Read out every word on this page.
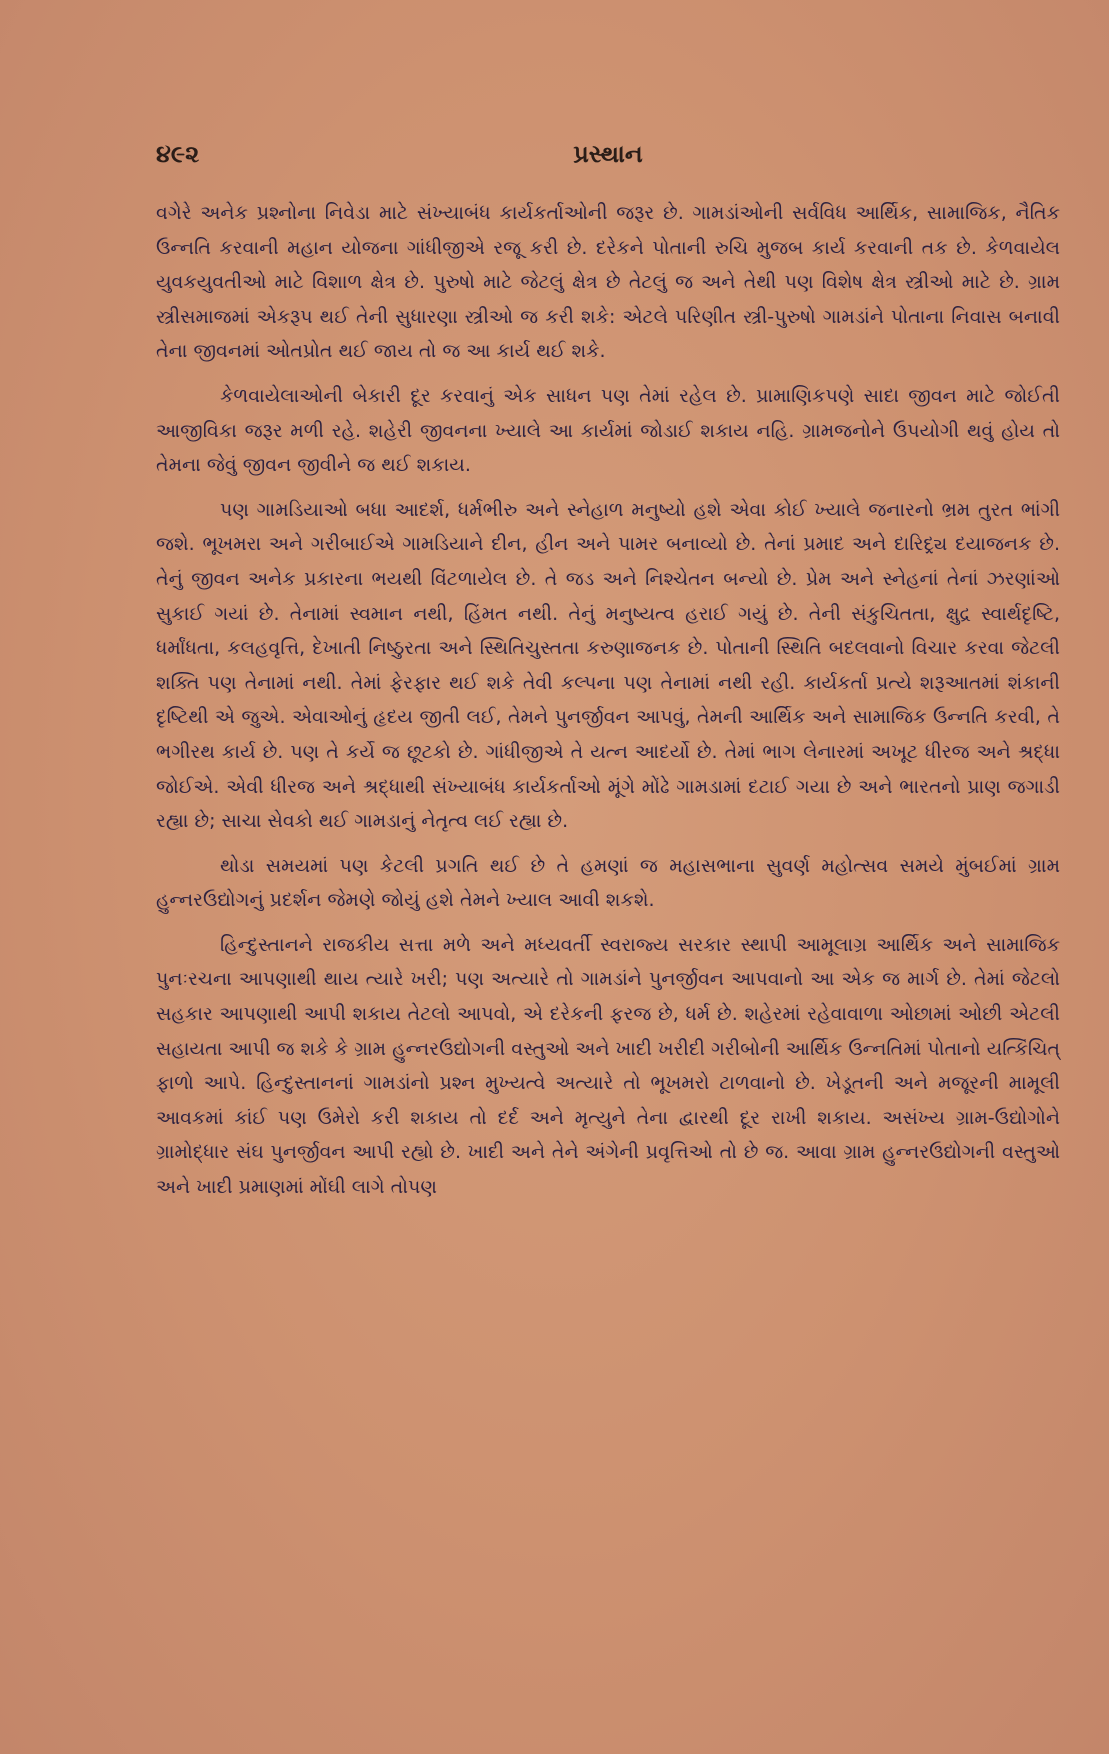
૪૯૨	પ્રસ્થાન

વગેરે અનેક પ્રશ્નોના નિવેડા માટે સંખ્યાબંધ કાર્યકર્તાઓની જરૂર છે. ગામડાંઓની સર્વવિધ આર્થિક, સામાજિક, નૈતિક ઉન્નતિ કરવાની મહાન યોજના ગાંધીજીએ રજૂ કરી છે. દરેકને પોતાની રુચિ મુજબ કાર્ય કરવાની તક છે. કેળવાયેલ યુવકયુવતીઓ માટે વિશાળ ક્ષેત્ર છે. પુરુષો માટે જેટલું ક્ષેત્ર છે તેટલું જ અને તેથી પણ વિશેષ ક્ષેત્ર સ્ત્રીઓ માટે છે. ગ્રામ સ્ત્રીસમાજમાં એકરૂપ થઈ તેની સુધારણા સ્ત્રીઓ જ કરી શકે: એટલે પરિણીત સ્ત્રી-પુરુષો ગામડાંને પોતાના નિવાસ બનાવી તેના જીવનમાં ઓતપ્રોત થઈ જાય તો જ આ કાર્ય થઈ શકે.

કેળવાયેલાઓની બેકારી દૂર કરવાનું એક સાધન પણ તેમાં રહેલ છે. પ્રામાણિકપણે સાદા જીવન માટે જોઈતી આજીવિકા જરૂર મળી રહે. શહેરી જીવનના ખ્યાલે આ કાર્યમાં જોડાઈ શકાય નહિ. ગ્રામજનોને ઉપયોગી થવું હોય તો તેમના જેવું જીવન જીવીને જ થઈ શકાય.

પણ ગામડિયાઓ બધા આદર્શ, ધર્મભીરુ અને સ્નેહાળ મનુષ્યો હશે એવા કોઈ ખ્યાલે જનારનો ભ્રમ તુરત ભાંગી જશે. ભૂખમરા અને ગરીબાઈએ ગામડિયાને દીન, હીન અને પામર બનાવ્યો છે. તેનાં પ્રમાદ અને દારિદ્ર્ય દયાજનક છે. તેનું જીવન અનેક પ્રકારના ભયથી વિંટળાયેલ છે. તે જડ અને નિશ્ચેતન બન્યો છે. પ્રેમ અને સ્નેહનાં તેનાં ઝરણાંઓ સુકાઈ ગયાં છે. તેનામાં સ્વમાન નથી, હિંમત નથી. તેનું મનુષ્યત્વ હરાઈ ગયું છે. તેની સંકુચિતતા, ક્ષુદ્ર સ્વાર્થદૃષ્ટિ, ધર્માંધતા, કલહવૃત્તિ, દેખાતી નિષ્ઠુરતા અને સ્થિતિચુસ્તતા કરુણાજનક છે. પોતાની સ્થિતિ બદલવાનો વિચાર કરવા જેટલી શક્તિ પણ તેનામાં નથી. તેમાં ફેરફાર થઈ શકે તેવી કલ્પના પણ તેનામાં નથી રહી. કાર્યકર્તા પ્રત્યે શરૂઆતમાં શંકાની દૃષ્ટિથી એ જુએ. એવાઓનું હૃદય જીતી લઈ, તેમને પુનર્જીવન આપવું, તેમની આર્થિક અને સામાજિક ઉન્નતિ કરવી, તે ભગીરથ કાર્ય છે. પણ તે કર્યે જ છૂટકો છે. ગાંધીજીએ તે યત્ન આદર્યો છે. તેમાં ભાગ લેનારમાં અખૂટ ધીરજ અને શ્રદ્ધા જોઈએ. એવી ધીરજ અને શ્રદ્ધાથી સંખ્યાબંધ કાર્યકર્તાઓ મૂંગે મોંઢે ગામડામાં દટાઈ ગયા છે અને ભારતનો પ્રાણ જગાડી રહ્યા છે; સાચા સેવકો થઈ ગામડાનું નેતૃત્વ લઈ રહ્યા છે.

થોડા સમયમાં પણ કેટલી પ્રગતિ થઈ છે તે હમણાં જ મહાસભાના સુવર્ણ મહોત્સવ સમયે મુંબઈમાં ગ્રામ હુન્નરઉદ્યોગનું પ્રદર્શન જેમણે જોયું હશે તેમને ખ્યાલ આવી શકશે.

હિન્દુસ્તાનને રાજકીય સત્તા મળે અને મધ્યવર્તી સ્વરાજ્ય સરકાર સ્થાપી આમૂલાગ્ર આર્થિક અને સામાજિક પુનઃરચના આપણાથી થાય ત્યારે ખરી; પણ અત્યારે તો ગામડાંને પુનર્જીવન આપવાનો આ એક જ માર્ગ છે. તેમાં જેટલો સહકાર આપણાથી આપી શકાય તેટલો આપવો, એ દરેકની ફરજ છે, ધર્મ છે. શહેરમાં રહેવાવાળા ઓછામાં ઓછી એટલી સહાયતા આપી જ શકે કે ગ્રામ હુન્નરઉદ્યોગની વસ્તુઓ અને ખાદી ખરીદી ગરીબોની આર્થિક ઉન્નતિમાં પોતાનો યત્કિંચિત્ ફાળો આપે. હિન્દુસ્તાનનાં ગામડાંનો પ્રશ્ન મુખ્યત્વે અત્યારે તો ભૂખમરો ટાળવાનો છે. ખેડૂતની અને મજૂરની મામૂલી આવકમાં કાંઈ પણ ઉમેરો કરી શકાય તો દર્દ અને મૃત્યુને તેના દ્વારથી દૂર રાખી શકાય. અસંખ્ય ગ્રામ-ઉદ્યોગોને ગ્રામોદ્ધાર સંઘ પુનર્જીવન આપી રહ્યો છે. ખાદી અને તેને અંગેની પ્રવૃત્તિઓ તો છે જ. આવા ગ્રામ હુન્નરઉદ્યોગની વસ્તુઓ અને ખાદી પ્રમાણમાં મોંઘી લાગે તોપણ
